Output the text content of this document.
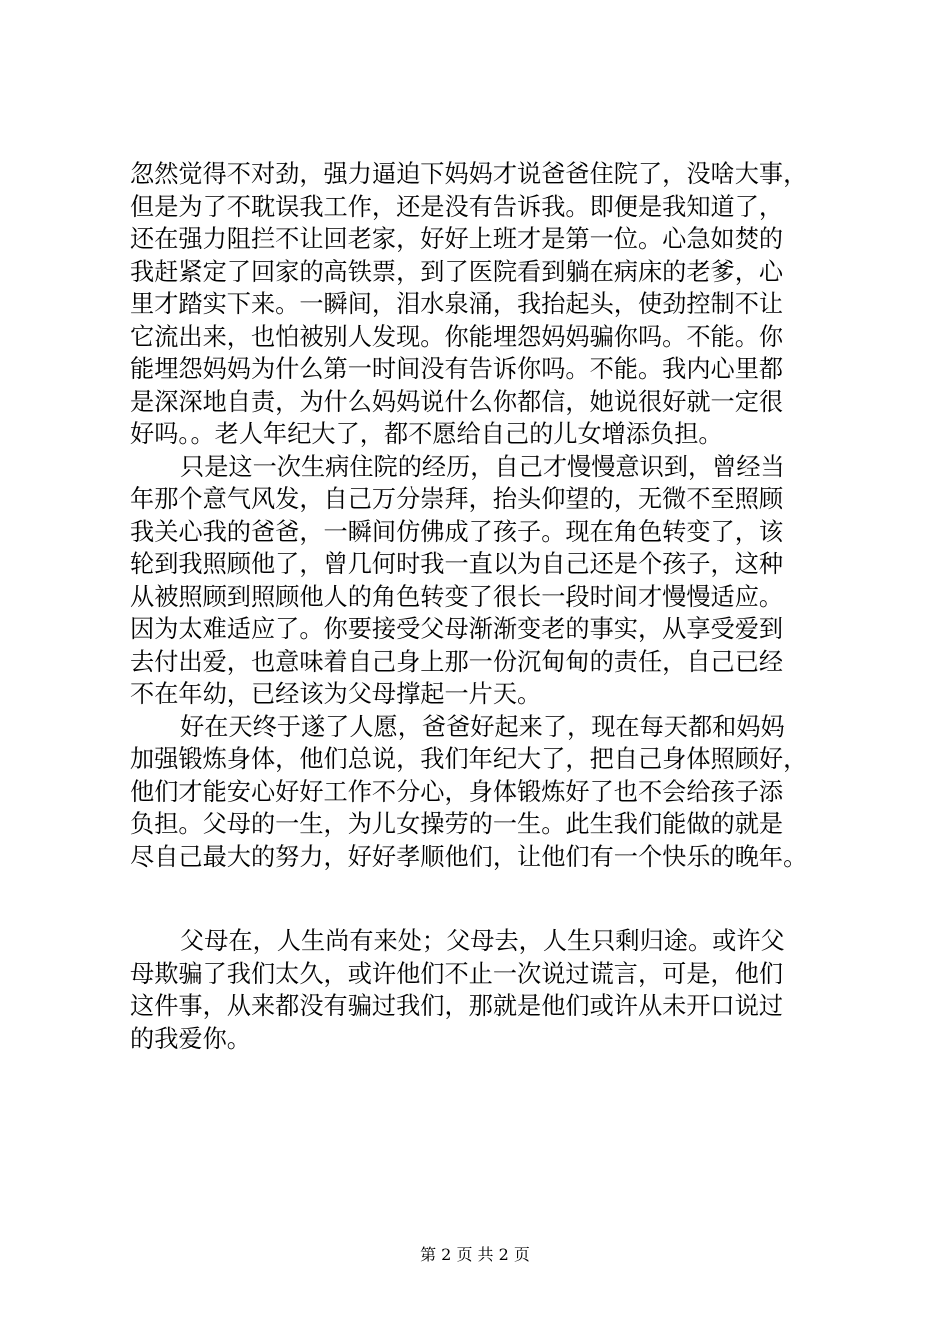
忽然觉得不对劲，强力逼迫下妈妈才说爸爸住院了，没啥大事，
但是为了不耽误我工作，还是没有告诉我。即便是我知道了，
还在强力阻拦不让回老家，好好上班才是第一位。心急如焚的
我赶紧定了回家的高铁票，到了医院看到躺在病床的老爹，心
里才踏实下来。一瞬间，泪水泉涌，我抬起头，使劲控制不让
它流出来，也怕被别人发现。你能埋怨妈妈骗你吗。不能。你
能埋怨妈妈为什么第一时间没有告诉你吗。不能。我内心里都
是深深地自责，为什么妈妈说什么你都信，她说很好就一定很
好吗。。老人年纪大了，都不愿给自己的儿女增添负担。
只是这一次生病住院的经历，自己才慢慢意识到，曾经当
年那个意气风发，自己万分崇拜，抬头仰望的，无微不至照顾
我关心我的爸爸，一瞬间仿佛成了孩子。现在角色转变了，该
轮到我照顾他了，曾几何时我一直以为自己还是个孩子，这种
从被照顾到照顾他人的角色转变了很长一段时间才慢慢适应。
因为太难适应了。你要接受父母渐渐变老的事实，从享受爱到
去付出爱，也意味着自己身上那一份沉甸甸的责任，自己已经
不在年幼，已经该为父母撑起一片天。
好在天终于遂了人愿，爸爸好起来了，现在每天都和妈妈
加强锻炼身体，他们总说，我们年纪大了，把自己身体照顾好，
他们才能安心好好工作不分心，身体锻炼好了也不会给孩子添
负担。父母的一生，为儿女操劳的一生。此生我们能做的就是
尽自己最大的努力，好好孝顺他们，让他们有一个快乐的晚年。
父母在，人生尚有来处；父母去，人生只剩归途。或许父
母欺骗了我们太久，或许他们不止一次说过谎言，可是，他们
这件事，从来都没有骗过我们，那就是他们或许从未开口说过
的我爱你。
第 2 页 共 2 页
